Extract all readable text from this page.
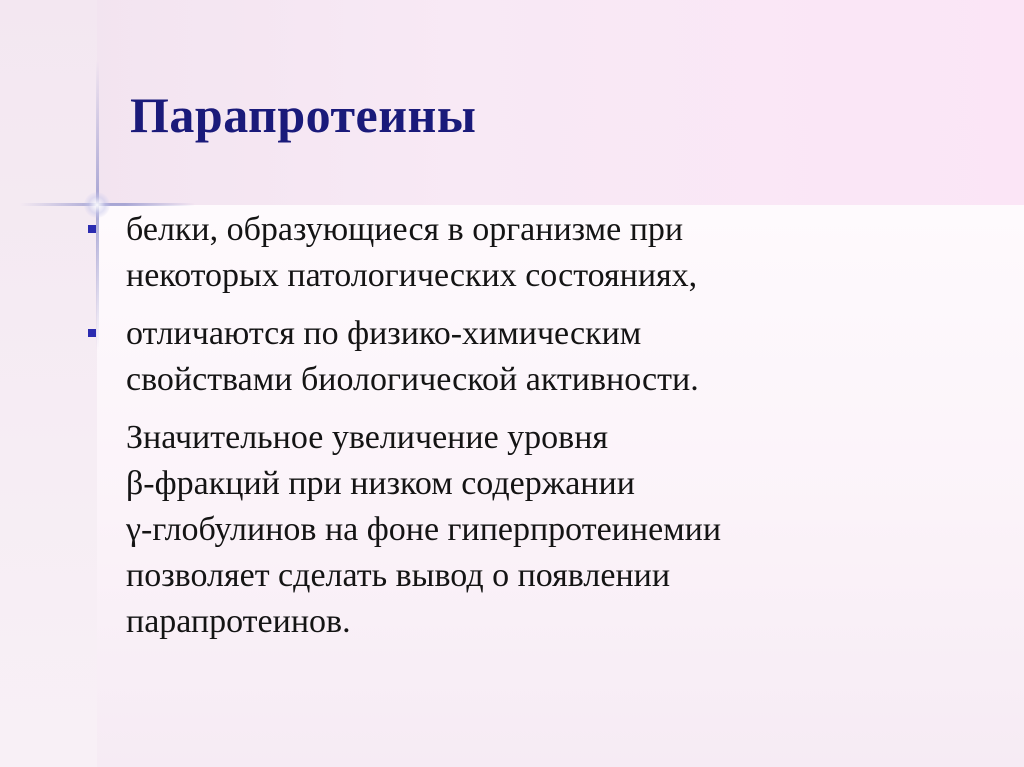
Парапротеины
белки, образующиеся в организме при
некоторых патологических состояниях,
отличаются по физико-химическим
свойствами биологической активности.
Значительное увеличение уровня
β-фракций при низком содержании
γ-глобулинов на фоне гиперпротеинемии
позволяет сделать вывод о появлении
парапротеинов.
